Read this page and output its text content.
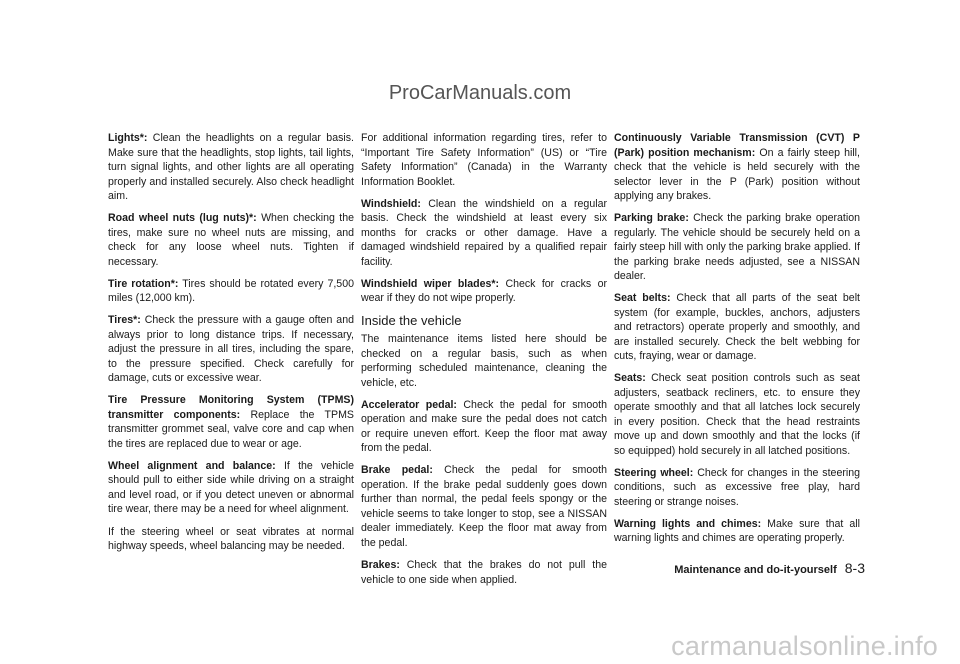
ProCarManuals.com

Lights*: Clean the headlights on a regular basis. Make sure that the headlights, stop lights, tail lights, turn signal lights, and other lights are all operating properly and installed securely. Also check headlight aim.

Road wheel nuts (lug nuts)*: When checking the tires, make sure no wheel nuts are missing, and check for any loose wheel nuts. Tighten if necessary.

Tire rotation*: Tires should be rotated every 7,500 miles (12,000 km).

Tires*: Check the pressure with a gauge often and always prior to long distance trips. If necessary, adjust the pressure in all tires, including the spare, to the pressure specified. Check carefully for damage, cuts or excessive wear.

Tire Pressure Monitoring System (TPMS) transmitter components: Replace the TPMS transmitter grommet seal, valve core and cap when the tires are replaced due to wear or age.

Wheel alignment and balance: If the vehicle should pull to either side while driving on a straight and level road, or if you detect uneven or abnormal tire wear, there may be a need for wheel alignment.

If the steering wheel or seat vibrates at normal highway speeds, wheel balancing may be needed.

For additional information regarding tires, refer to “Important Tire Safety Information” (US) or “Tire Safety Information” (Canada) in the Warranty Information Booklet.

Windshield: Clean the windshield on a regular basis. Check the windshield at least every six months for cracks or other damage. Have a damaged windshield repaired by a qualified repair facility.

Windshield wiper blades*: Check for cracks or wear if they do not wipe properly.

Inside the vehicle

The maintenance items listed here should be checked on a regular basis, such as when performing scheduled maintenance, cleaning the vehicle, etc.

Accelerator pedal: Check the pedal for smooth operation and make sure the pedal does not catch or require uneven effort. Keep the floor mat away from the pedal.

Brake pedal: Check the pedal for smooth operation. If the brake pedal suddenly goes down further than normal, the pedal feels spongy or the vehicle seems to take longer to stop, see a NISSAN dealer immediately. Keep the floor mat away from the pedal.

Brakes: Check that the brakes do not pull the vehicle to one side when applied.

Continuously Variable Transmission (CVT) P (Park) position mechanism: On a fairly steep hill, check that the vehicle is held securely with the selector lever in the P (Park) position without applying any brakes.

Parking brake: Check the parking brake operation regularly. The vehicle should be securely held on a fairly steep hill with only the parking brake applied. If the parking brake needs adjusted, see a NISSAN dealer.

Seat belts: Check that all parts of the seat belt system (for example, buckles, anchors, adjusters and retractors) operate properly and smoothly, and are installed securely. Check the belt webbing for cuts, fraying, wear or damage.

Seats: Check seat position controls such as seat adjusters, seatback recliners, etc. to ensure they operate smoothly and that all latches lock securely in every position. Check that the head restraints move up and down smoothly and that the locks (if so equipped) hold securely in all latched positions.

Steering wheel: Check for changes in the steering conditions, such as excessive free play, hard steering or strange noises.

Warning lights and chimes: Make sure that all warning lights and chimes are operating properly.

Maintenance and do-it-yourself 8-3
carmanualsonline.info
